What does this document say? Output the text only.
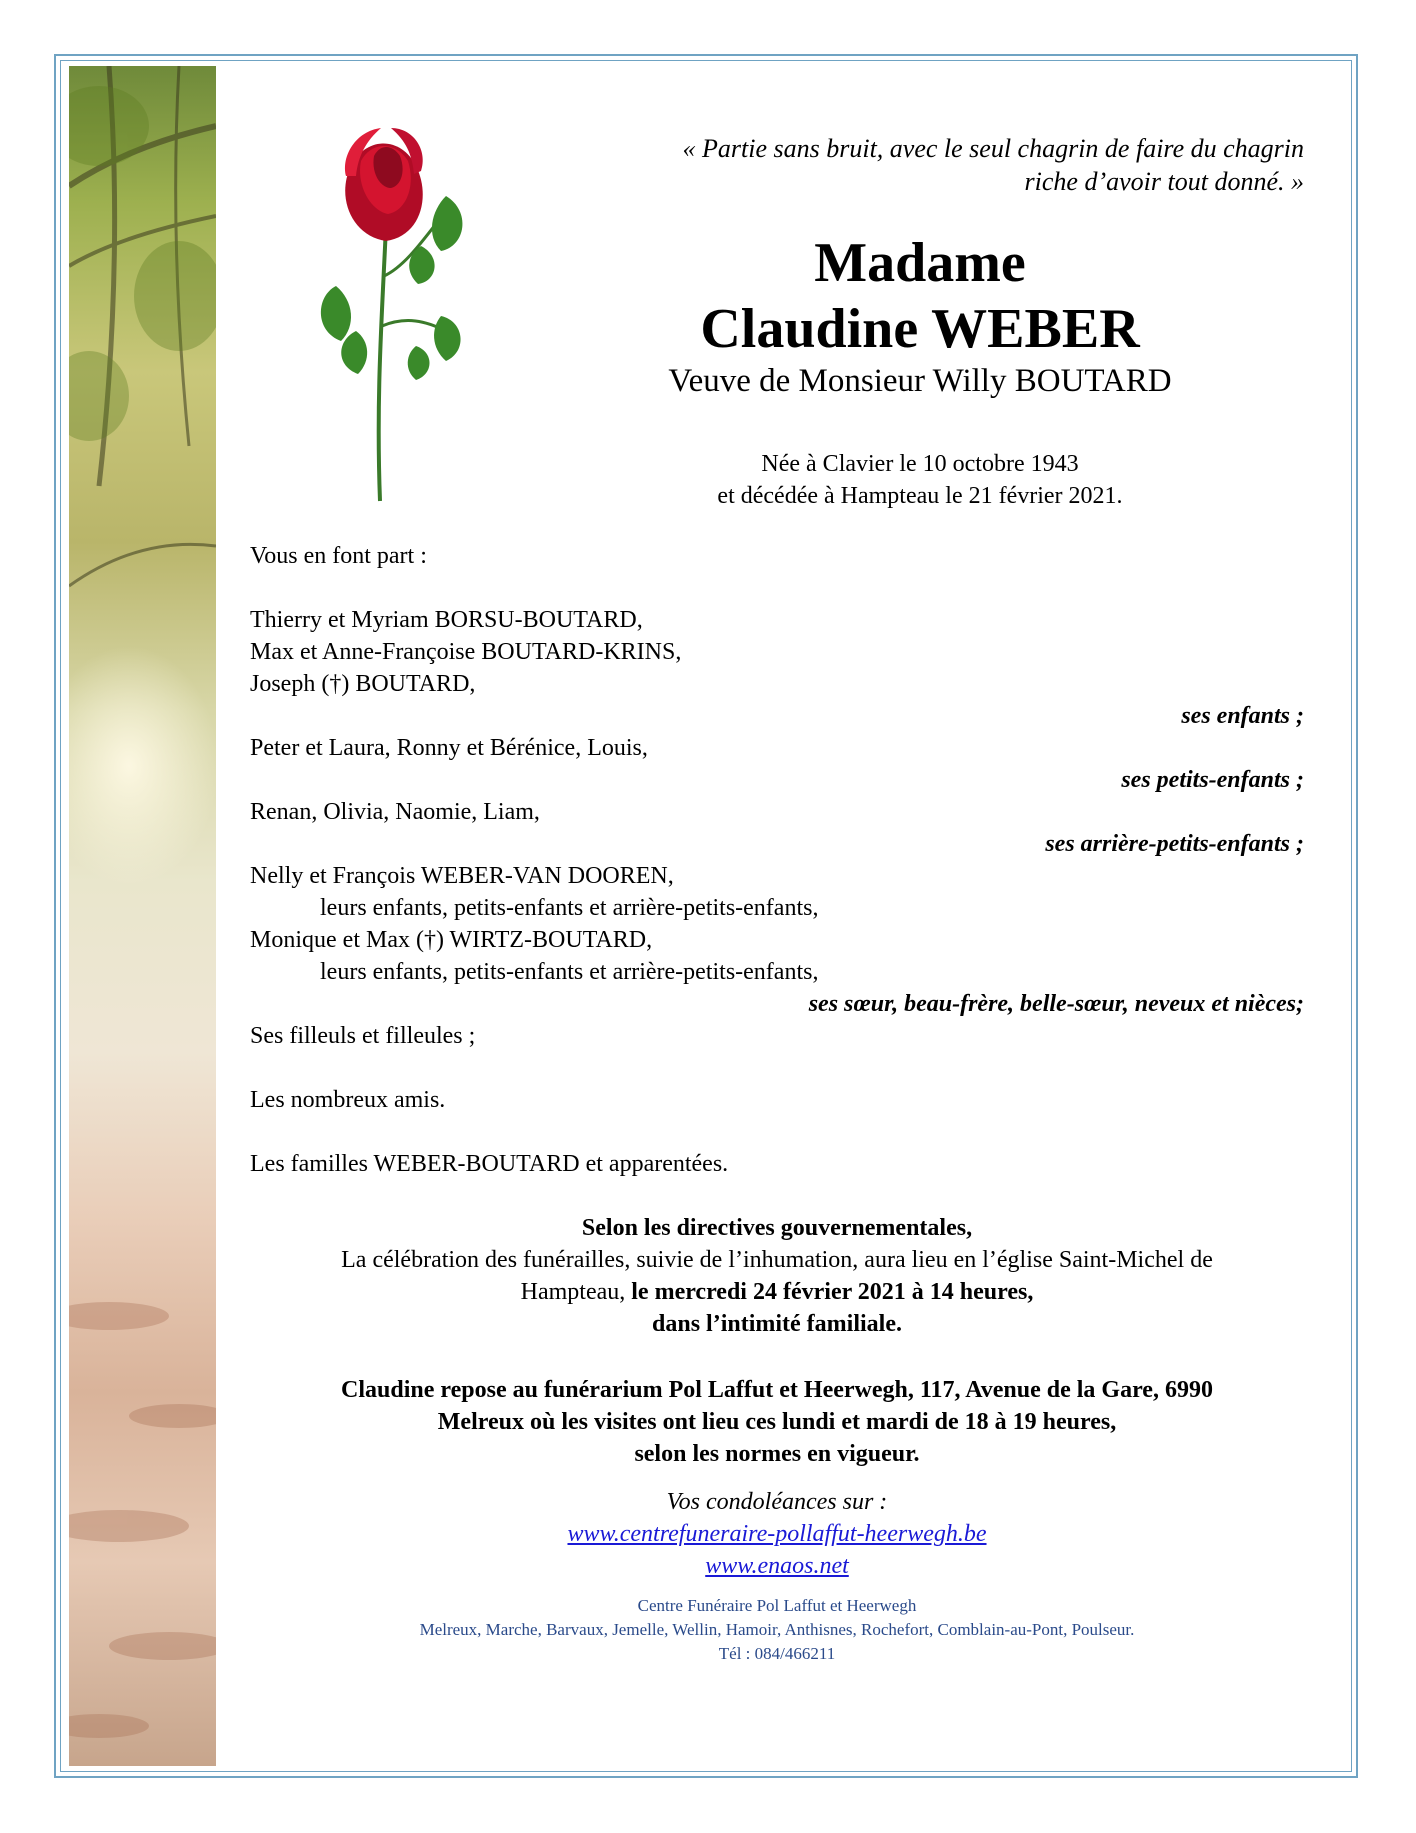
« Partie sans bruit, avec le seul chagrin de faire du chagrin
riche d’avoir tout donné. »
Madame
Claudine WEBER
Veuve de Monsieur Willy BOUTARD
Née à Clavier le 10 octobre 1943
et décédée à Hampteau le 21 février 2021.
Vous en font part :
Thierry et Myriam BORSU-BOUTARD,
Max et Anne-Françoise BOUTARD-KRINS,
Joseph (†) BOUTARD,
ses enfants ;
Peter et Laura, Ronny et Bérénice, Louis,
ses petits-enfants ;
Renan, Olivia, Naomie, Liam,
ses arrière-petits-enfants ;
Nelly et François WEBER-VAN DOOREN,
leurs enfants, petits-enfants et arrière-petits-enfants,
Monique et Max (†) WIRTZ-BOUTARD,
leurs enfants, petits-enfants et arrière-petits-enfants,
ses sœur, beau-frère, belle-sœur, neveux et nièces;
Ses filleuls et filleules ;
Les nombreux amis.
Les familles WEBER-BOUTARD et apparentées.
Selon les directives gouvernementales,
La célébration des funérailles, suivie de l’inhumation, aura lieu en l’église Saint-Michel de
Hampteau, le mercredi 24 février 2021 à 14 heures,
dans l’intimité familiale.
Claudine repose au funérarium Pol Laffut et Heerwegh, 117, Avenue de la Gare, 6990
Melreux où les visites ont lieu ces lundi et mardi de 18 à 19 heures,
selon les normes en vigueur.
Vos condoléances sur :
www.centrefuneraire-pollaffut-heerwegh.be
www.enaos.net
Centre Funéraire Pol Laffut et Heerwegh
Melreux, Marche, Barvaux, Jemelle, Wellin, Hamoir, Anthisnes, Rochefort, Comblain-au-Pont, Poulseur.
Tél : 084/466211
